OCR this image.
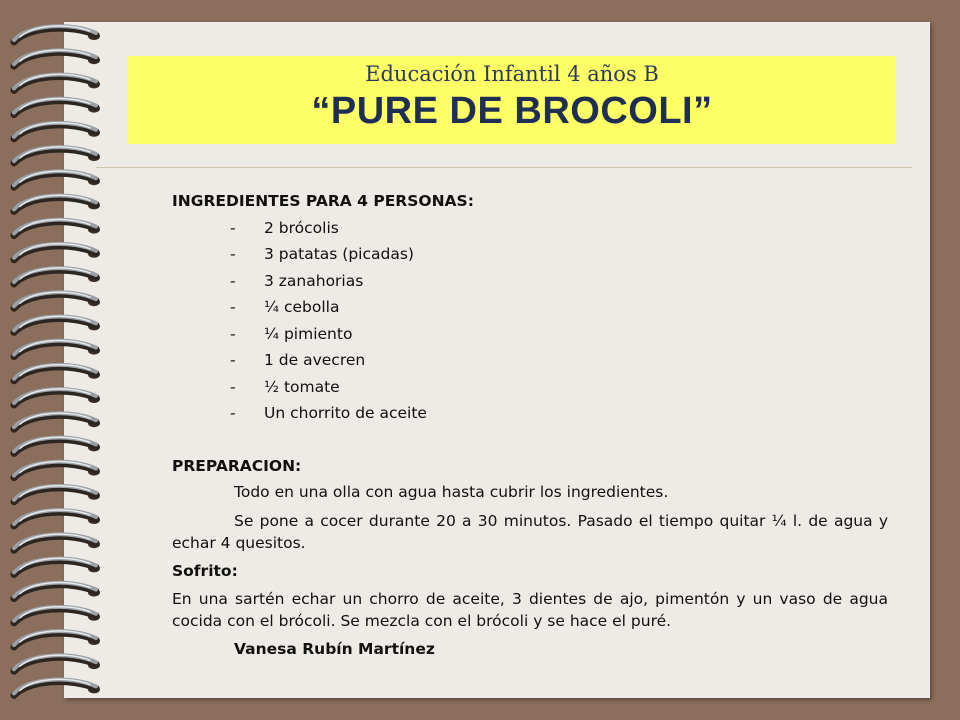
Educación Infantil 4 años B
“PURE DE BROCOLI”
INGREDIENTES PARA 4 PERSONAS:
- 2 brócolis
- 3 patatas (picadas)
- 3 zanahorias
- ¼ cebolla
- ¼ pimiento
- 1 de avecren
- ½ tomate
- Un chorrito de aceite
PREPARACION:
Todo en una olla con agua hasta cubrir los ingredientes.
Se pone a cocer durante 20 a 30 minutos. Pasado el tiempo quitar ¼ l. de agua y echar 4 quesitos.
Sofrito:
En una sartén echar un chorro de aceite, 3 dientes de ajo, pimentón y un vaso de agua cocida con el brócoli. Se mezcla con el brócoli y se hace el puré.
Vanesa Rubín Martínez
